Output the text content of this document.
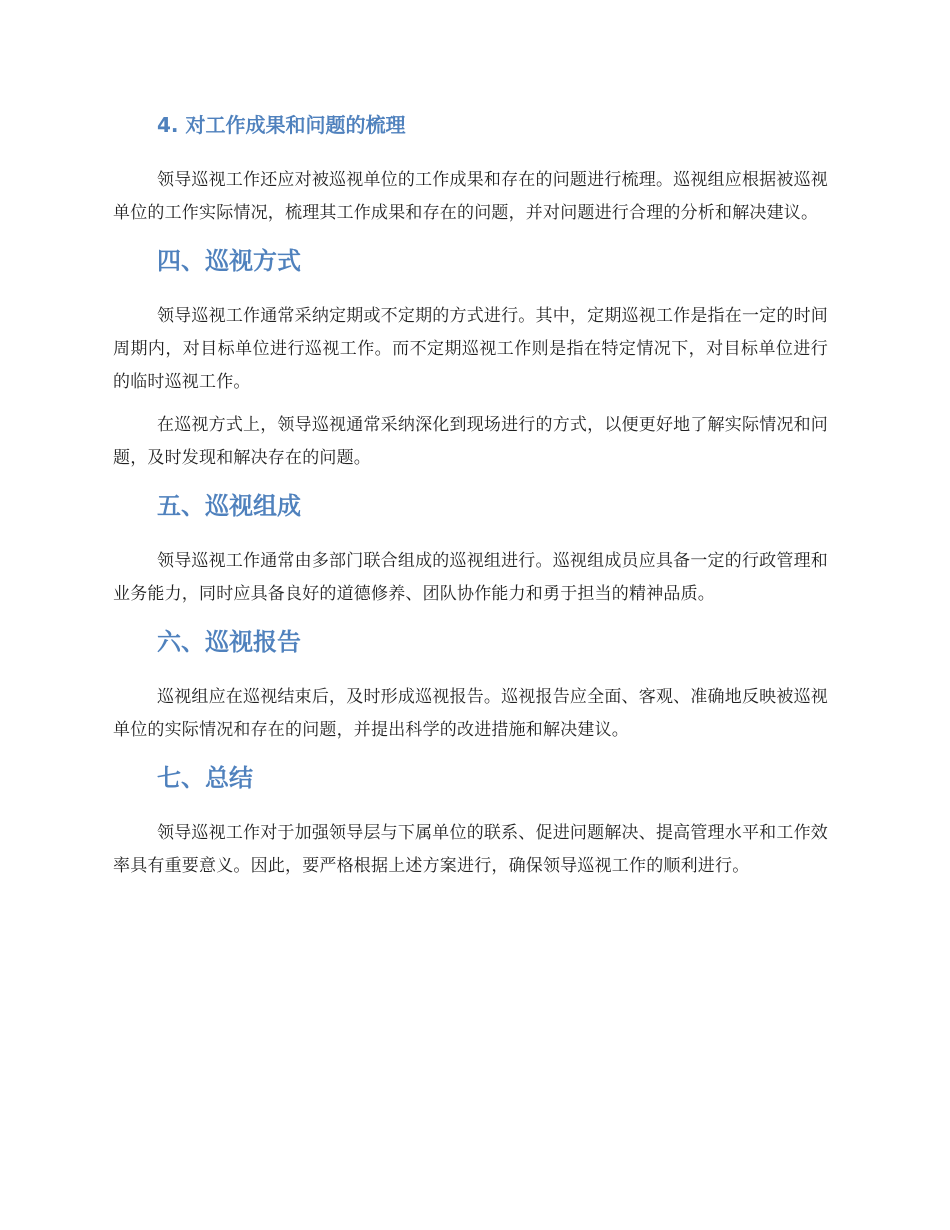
4. 对工作成果和问题的梳理

领导巡视工作还应对被巡视单位的工作成果和存在的问题进行梳理。巡视组应根据被巡视单位的工作实际情况，梳理其工作成果和存在的问题，并对问题进行合理的分析和解决建议。

四、巡视方式

领导巡视工作通常采纳定期或不定期的方式进行。其中，定期巡视工作是指在一定的时间周期内，对目标单位进行巡视工作。而不定期巡视工作则是指在特定情况下，对目标单位进行的临时巡视工作。

在巡视方式上，领导巡视通常采纳深化到现场进行的方式，以便更好地了解实际情况和问题，及时发现和解决存在的问题。

五、巡视组成

领导巡视工作通常由多部门联合组成的巡视组进行。巡视组成员应具备一定的行政管理和业务能力，同时应具备良好的道德修养、团队协作能力和勇于担当的精神品质。

六、巡视报告

巡视组应在巡视结束后，及时形成巡视报告。巡视报告应全面、客观、准确地反映被巡视单位的实际情况和存在的问题，并提出科学的改进措施和解决建议。

七、总结

领导巡视工作对于加强领导层与下属单位的联系、促进问题解决、提高管理水平和工作效率具有重要意义。因此，要严格根据上述方案进行，确保领导巡视工作的顺利进行。
